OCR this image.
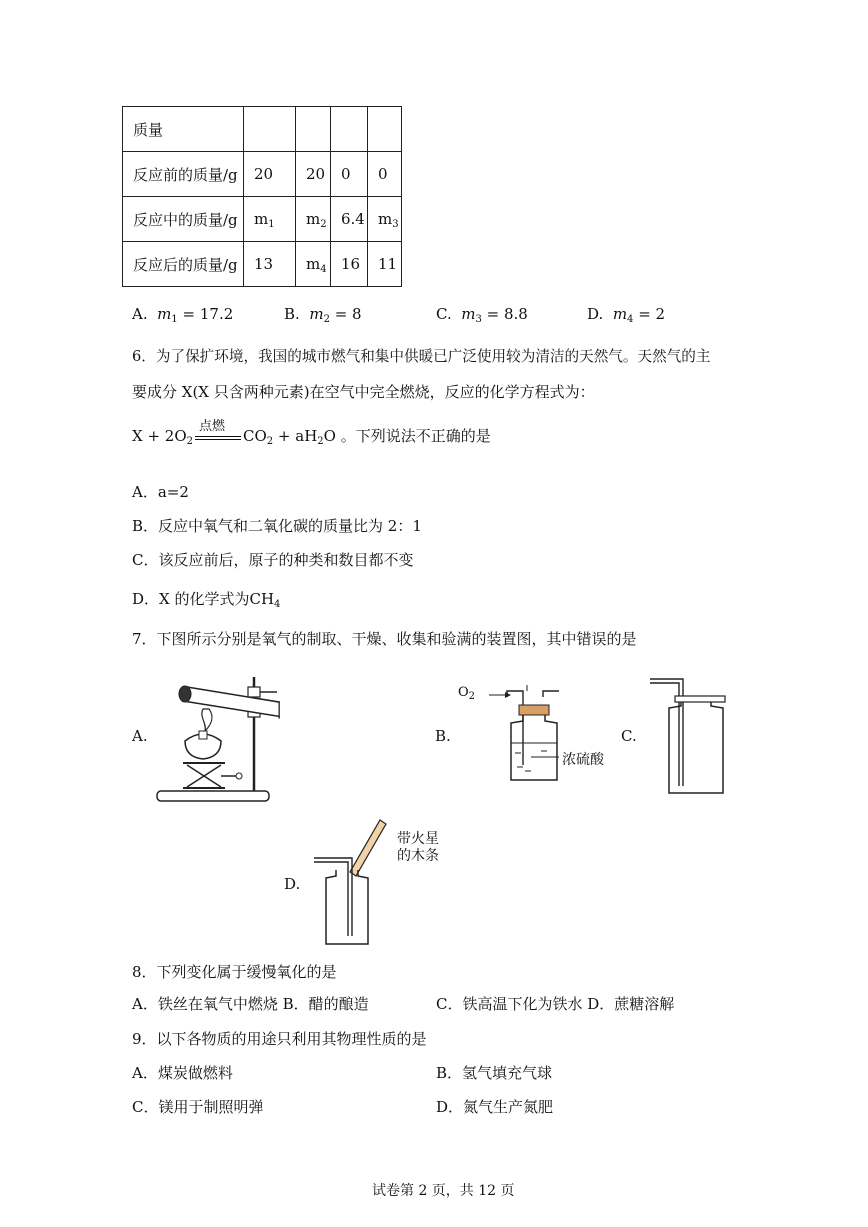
质量				
反应前的质量/g	20	20	0	0
反应中的质量/g	$m_1$	$m_2$	6.4	$m_3$
反应后的质量/g	13	$m_4$	16	11
A. $m_1 = 17.2$	B. $m_2 = 8$	C. $m_3 = 8.8$	D. $m_4 = 2$
6．为了保扩环境，我国的城市燃气和集中供暖已广泛使用较为清洁的天然气。天然气的主
要成分 X(X 只含两种元素)在空气中完全燃烧，反应的化学方程式为：
$X + 2O_2$
点燃
$CO_2 + aH_2O$ 。下列说法不正确的是
A．a=2
B．反应中氧气和二氧化碳的质量比为 2：1
C．该反应前后，原子的种类和数目都不变
D．X 的化学式为$CH_4$
7．下图所示分别是氧气的制取、干燥、收集和验满的装置图，其中错误的是
A.	B.	C.
D.
$O_2$
浓硫酸
带火星
的木条
8．下列变化属于缓慢氧化的是
A．铁丝在氧气中燃烧 B．醋的酿造	C．铁高温下化为铁水 D．蔗糖溶解
9．以下各物质的用途只利用其物理性质的是
A．煤炭做燃料	B．氢气填充气球
C．镁用于制照明弹	D．氮气生产氮肥
试卷第 2 页，共 12 页
